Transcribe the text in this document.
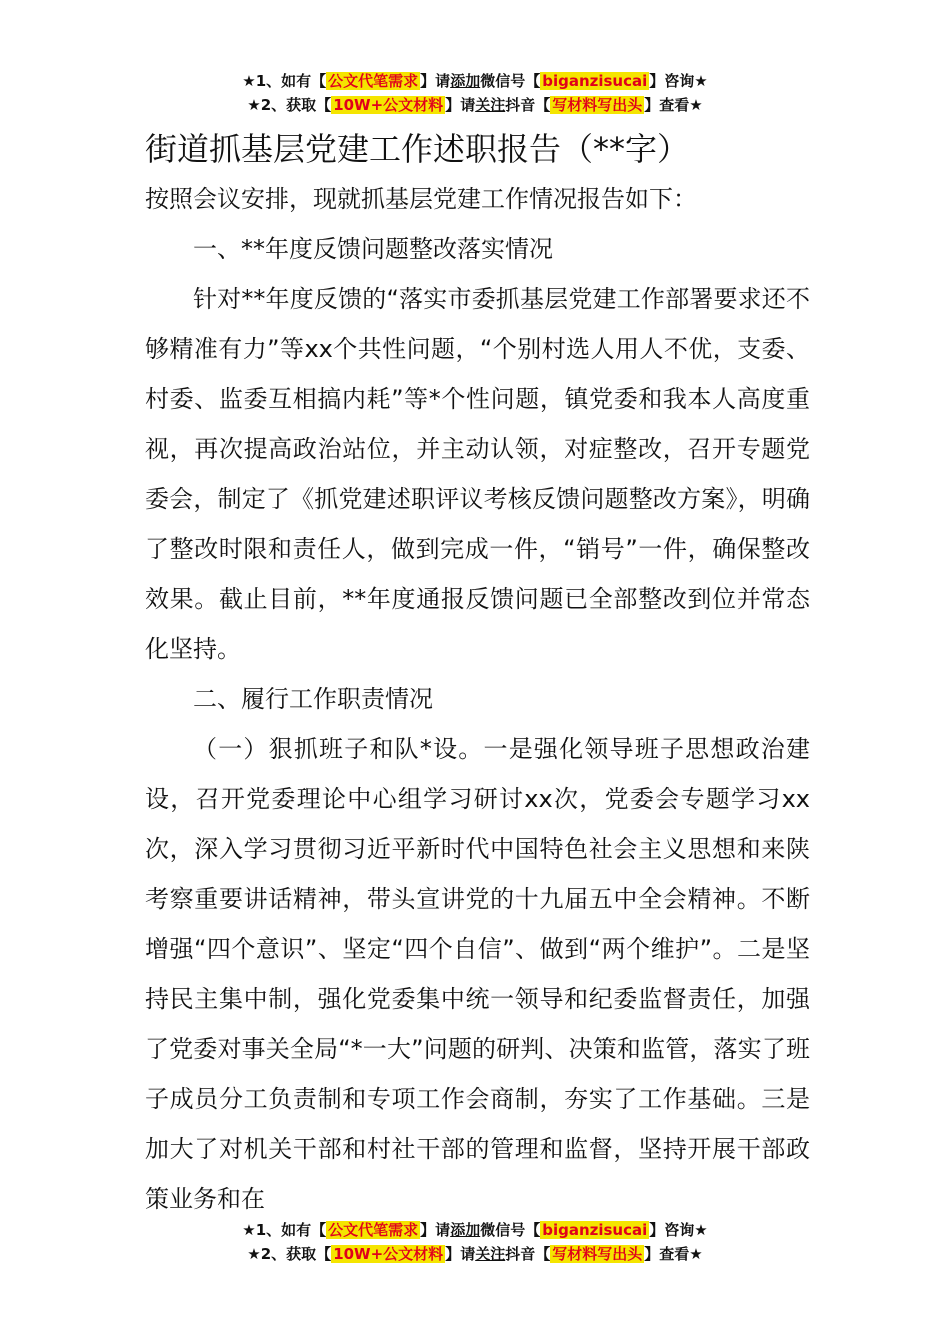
★1、如有【 公文代笔需求 】请添加微信号【 biganzisucai 】咨询★
★2、获取【 10W+公文材料 】请关注抖音【 写材料写出头 】查看★
街道抓基层党建工作述职报告（**字）

按照会议安排，现就抓基层党建工作情况报告如下：

一、**年度反馈问题整改落实情况

针对**年度反馈的“落实市委抓基层党建工作部署要求还不够精准有力”等xx个共性问题，“个别村选人用人不优，支委、村委、监委互相搞内耗”等*个性问题，镇党委和我本人高度重视，再次提高政治站位，并主动认领，对症整改，召开专题党委会，制定了《抓党建述职评议考核反馈问题整改方案》，明确了整改时限和责任人，做到完成一件，“销号”一件，确保整改效果。截止目前，**年度通报反馈问题已全部整改到位并常态化坚持。

二、履行工作职责情况

（一）狠抓班子和队*设。一是强化领导班子思想政治建设，召开党委理论中心组学习研讨xx次，党委会专题学习xx次，深入学习贯彻习近平新时代中国特色社会主义思想和来陕考察重要讲话精神，带头宣讲党的十九届五中全会精神。不断增强“四个意识”、坚定“四个自信”、做到“两个维护”。二是坚持民主集中制，强化党委集中统一领导和纪委监督责任，加强了党委对事关全局“*一大”问题的研判、决策和监管，落实了班子成员分工负责制和专项工作会商制，夯实了工作基础。三是加大了对机关干部和村社干部的管理和监督，坚持开展干部政策业务和在

★1、如有【 公文代笔需求 】请添加微信号【 biganzisucai 】咨询★
★2、获取【 10W+公文材料 】请关注抖音【 写材料写出头 】查看★
